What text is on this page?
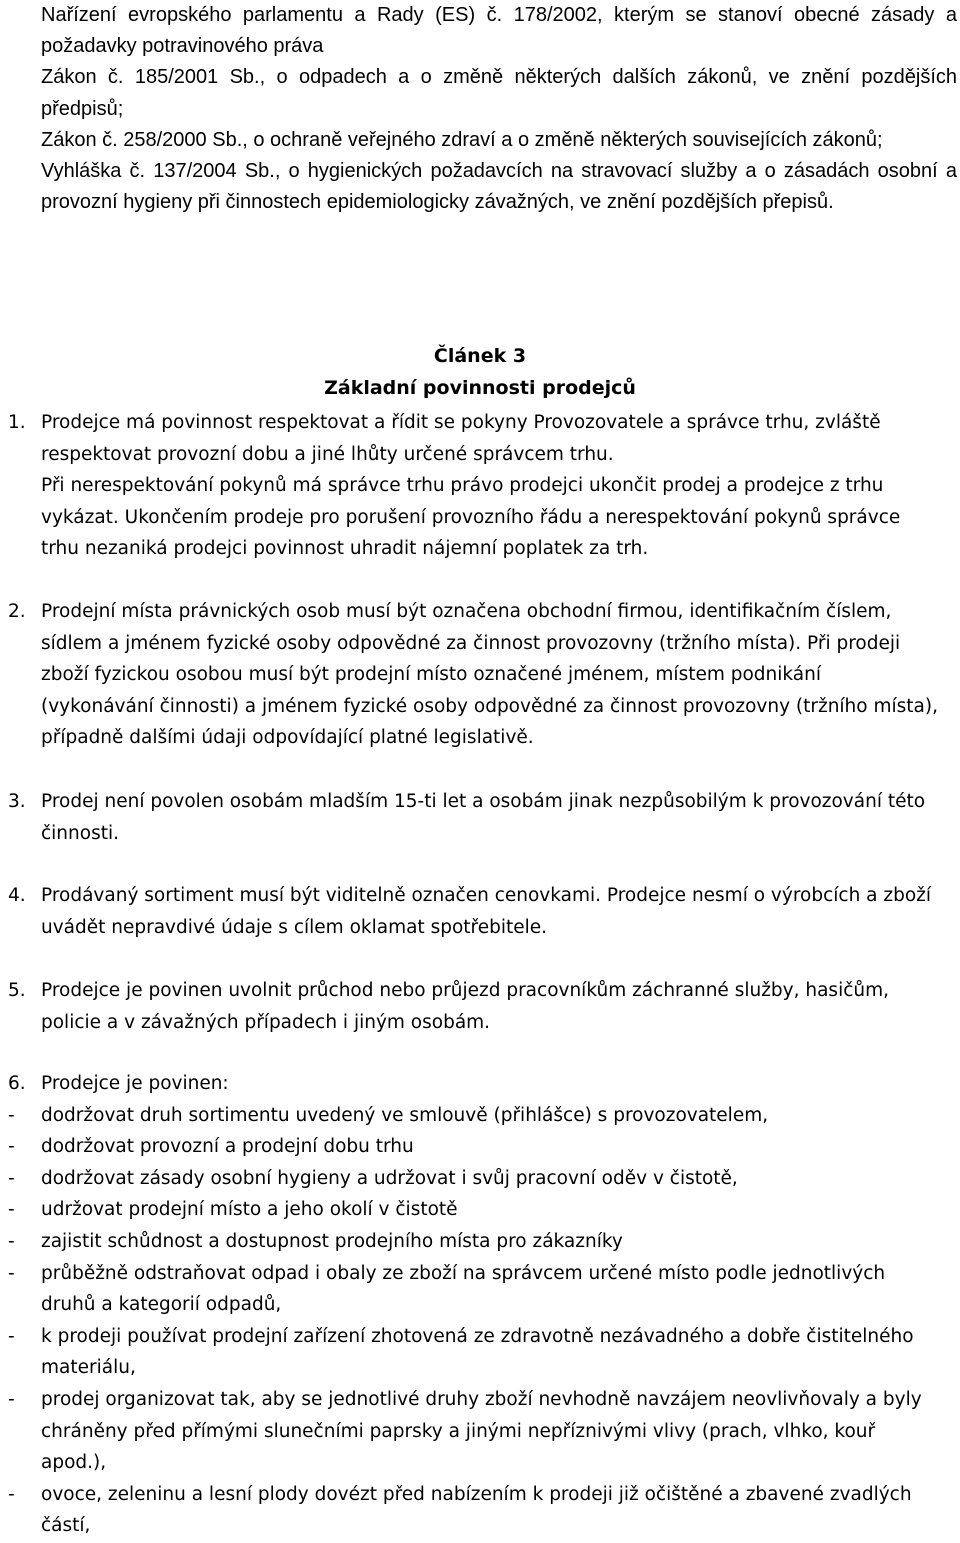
Nařízení evropského parlamentu a Rady (ES) č. 178/2002, kterým se stanoví obecné zásady a požadavky potravinového práva

Zákon č. 185/2001 Sb., o odpadech a o změně některých dalších zákonů, ve znění pozdějších předpisů;

Zákon č. 258/2000 Sb., o ochraně veřejného zdraví a o změně některých souvisejících zákonů;

Vyhláška č. 137/2004 Sb., o hygienických požadavcích na stravovací služby a o zásadách osobní a provozní hygieny při činnostech epidemiologicky závažných, ve znění pozdějších přepisů.

Článek 3
Základní povinnosti prodejců
1. Prodejce má povinnost respektovat a řídit se pokyny Provozovatele a správce trhu, zvláště respektovat provozní dobu a jiné lhůty určené správcem trhu.

Při nerespektování pokynů má správce trhu právo prodejci ukončit prodej a prodejce z trhu vykázat. Ukončením prodeje pro porušení provozního řádu a nerespektování pokynů správce trhu nezaniká prodejci povinnost uhradit nájemní poplatek za trh.

2. Prodejní místa právnických osob musí být označena obchodní firmou, identifikačním číslem, sídlem a jménem fyzické osoby odpovědné za činnost provozovny (tržního místa). Při prodeji zboží fyzickou osobou musí být prodejní místo označené jménem, místem podnikání (vykonávání činnosti) a jménem fyzické osoby odpovědné za činnost provozovny (tržního místa), případně dalšími údaji odpovídající platné legislativě.

3. Prodej není povolen osobám mladším 15-ti let a osobám jinak nezpůsobilým k provozování této činnosti.

4. Prodávaný sortiment musí být viditelně označen cenovkami. Prodejce nesmí o výrobcích a zboží uvádět nepravdivé údaje s cílem oklamat spotřebitele.

5. Prodejce je povinen uvolnit průchod nebo průjezd pracovníkům záchranné služby, hasičům, policie a v závažných případech i jiným osobám.

6. Prodejce je povinen:

- dodržovat druh sortimentu uvedený ve smlouvě (přihlášce) s provozovatelem,
- dodržovat provozní a prodejní dobu trhu
- dodržovat zásady osobní hygieny a udržovat i svůj pracovní oděv v čistotě,
- udržovat prodejní místo a jeho okolí v čistotě
- zajistit schůdnost a dostupnost prodejního místa pro zákazníky
- průběžně odstraňovat odpad i obaly ze zboží na správcem určené místo podle jednotlivých druhů a kategorií odpadů,
- k prodeji používat prodejní zařízení zhotovená ze zdravotně nezávadného a dobře čistitelného materiálu,
- prodej organizovat tak, aby se jednotlivé druhy zboží nevhodně navzájem neovlivňovaly a byly chráněny před přímými slunečními paprsky a jinými nepříznivými vlivy (prach, vlhko, kouř apod.),
- ovoce, zeleninu a lesní plody dovézt před nabízením k prodeji již očištěné a zbavené zvadlých částí,
